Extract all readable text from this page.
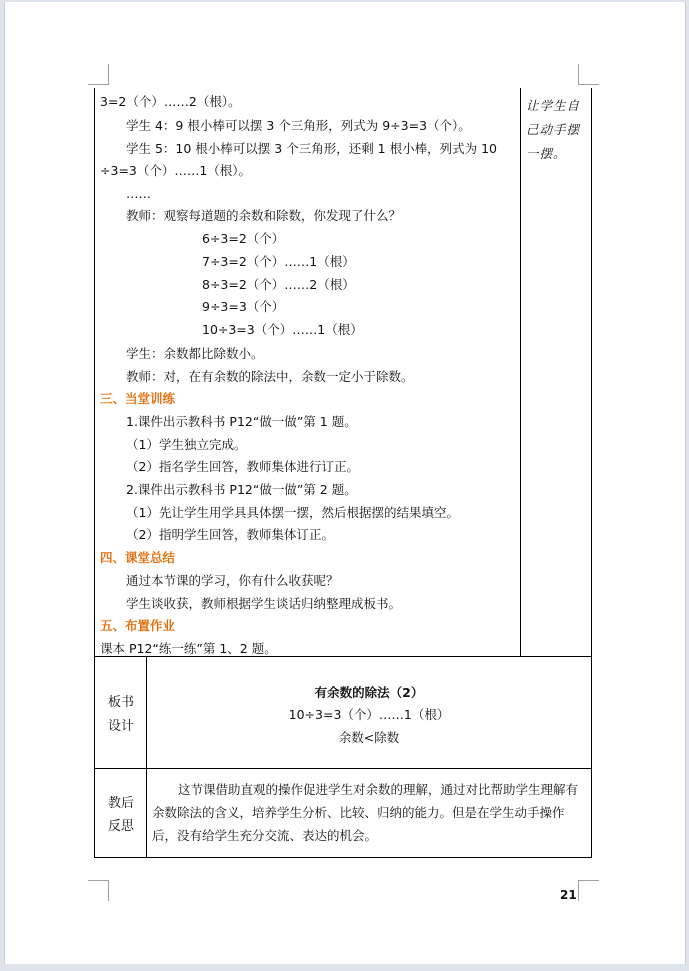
3=2（个）……2（根）。
学生 4：9 根小棒可以摆 3 个三角形，列式为 9÷3=3（个）。
学生 5：10 根小棒可以摆 3 个三角形，还剩 1 根小棒，列式为 10
÷3=3（个）……1（根）。
……
教师：观察每道题的余数和除数，你发现了什么？
6÷3=2（个）
7÷3=2（个）……1（根）
8÷3=2（个）……2（根）
9÷3=3（个）
10÷3=3（个）……1（根）
学生：余数都比除数小。
教师：对，在有余数的除法中，余数一定小于除数。
三、当堂训练
1.课件出示教科书 P12“做一做”第 1 题。
（1）学生独立完成。
（2）指名学生回答，教师集体进行订正。
2.课件出示教科书 P12“做一做”第 2 题。
（1）先让学生用学具具体摆一摆，然后根据摆的结果填空。
（2）指明学生回答，教师集体订正。
四、课堂总结
通过本节课的学习，你有什么收获呢？
学生谈收获，教师根据学生谈话归纳整理成板书。
五、布置作业
课本 P12“练一练”第 1、2 题。
让学生自己动手摆一摆。
板书
设计
有余数的除法（2）
10÷3=3（个）……1（根）
余数<除数
教后
反思
这节课借助直观的操作促进学生对余数的理解，通过对比帮助学生理解有余数除法的含义，培养学生分析、比较、归纳的能力。但是在学生动手操作后，没有给学生充分交流、表达的机会。
21
